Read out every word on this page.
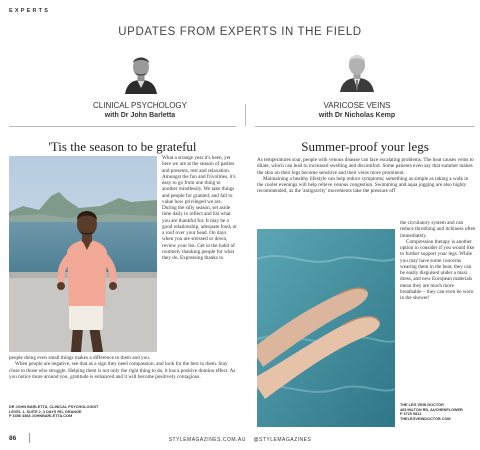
EXPERTS
UPDATES FROM EXPERTS IN THE FIELD
CLINICAL PSYCHOLOGY
with Dr John Barletta
VARICOSE VEINS
with Dr Nicholas Kemp
'Tis the season to be grateful	Summer-proof your legs

What a strange year it's been, yet here we are at the season of parties and presents, rest and relaxation. Amongst the fun and frivolities, it's easy to go from one thing to another mindlessly. We take things and people for granted, and fail to value how privileged we are. During the silly season, set aside time daily to reflect and list what you are thankful for. It may be a good relationship, adequate food, or a roof over your head. On days when you are stressed or down, review your list. Get in the habit of routinely thanking people for what they do. Expressing thanks to

people doing even small things makes a difference to them and you.

When people are negative, see that as a sign they need compassion, and look for the best in them. Stay close to those who struggle. Helping them is not only the right thing to do, it has a positive domino effect. As you notice more around you, gratitude is enhanced and it will become positively contagious.

DR JOHN BARLETTA, CLINICAL PSYCHOLOGIST
LEVEL 1, SUITE 2, 3 DAYS RD, GRANGE
P 3356 4468 JOHNBARLETTA.COM

As temperatures soar, people with venous disease can face escalating problems. The heat causes veins to dilate, which can lead to increased swelling and discomfort. Some patients even say that summer makes the skin on their legs become sensitive and their veins more prominent.

Maintaining a healthy lifestyle can help reduce symptoms; something as simple as taking a walk in the cooler evenings will help relieve venous congestion. Swimming and aqua jogging are also highly recommended, as the 'antigravity' movements take the pressure off

the circulatory system and can reduce throbbing and itchiness often immediately.

Compression therapy is another option to consider if you would like to further support your legs. While you may have some concerns wearing them in the heat, they can be easily disguised under a maxi dress, and new European materials mean they are much more breathable – they can even be worn in the shower!

THE LEG VEIN DOCTOR
465 MILTON RD, AUCHENFLOWER
P 3720 9812
THELEGVEINDOCTOR.COM
86	STYLEMAGAZINES.COM.AU @STYLEMAGAZINES
